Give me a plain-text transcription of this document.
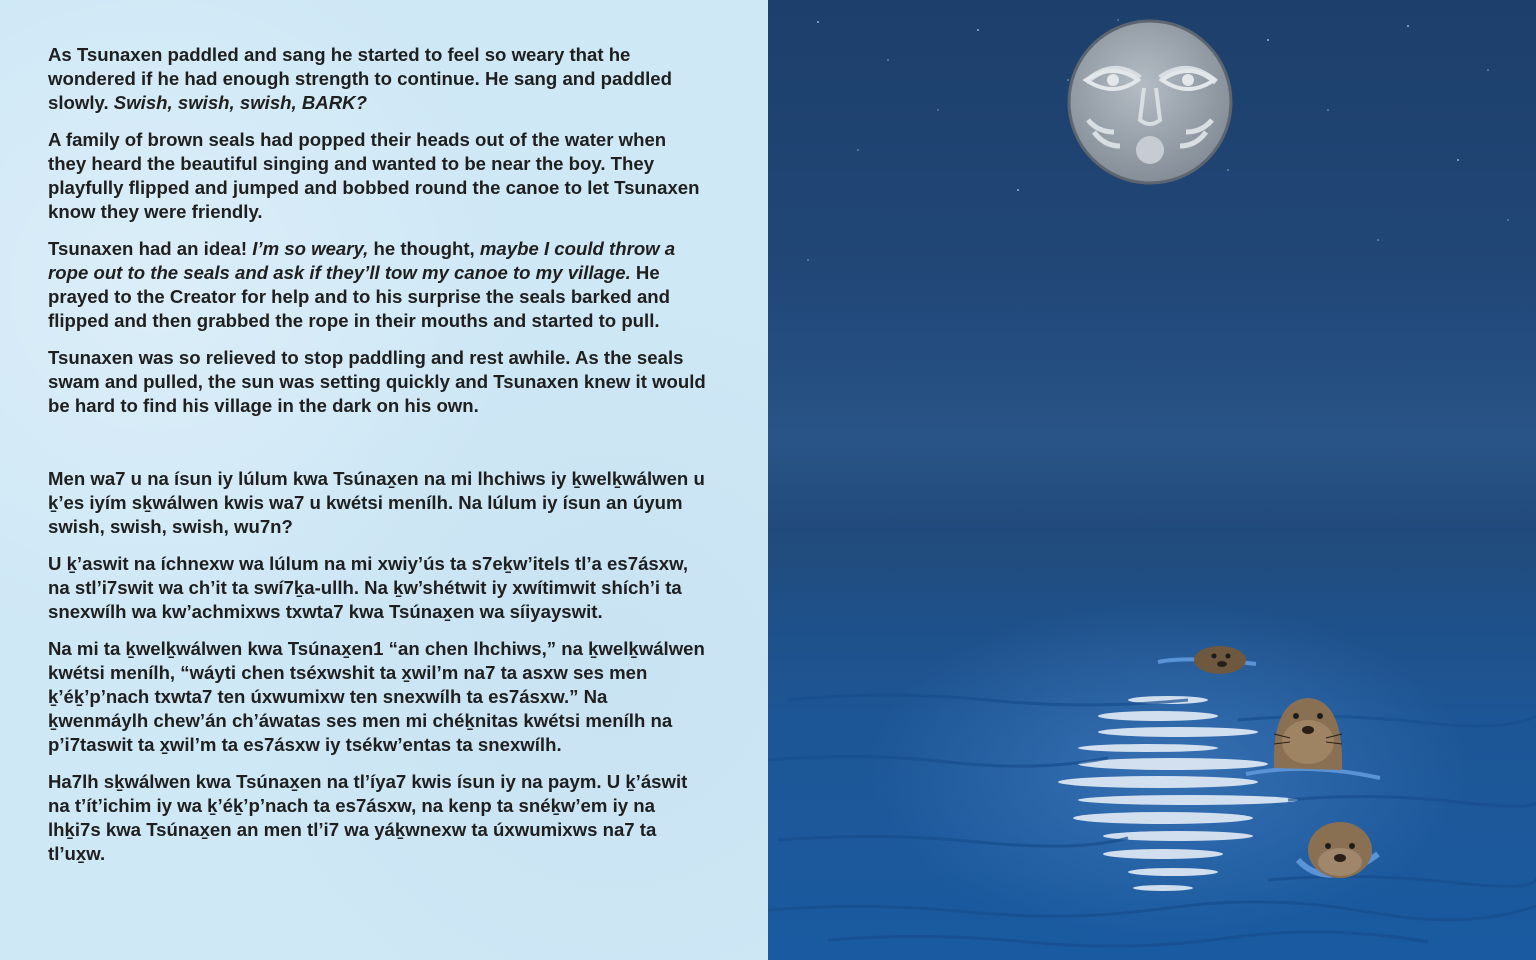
As Tsunaxen paddled and sang he started to feel so weary that he wondered if he had enough strength to continue. He sang and paddled slowly. Swish, swish, swish, BARK?

A family of brown seals had popped their heads out of the water when they heard the beautiful singing and wanted to be near the boy. They playfully flipped and jumped and bobbed round the canoe to let Tsunaxen know they were friendly.

Tsunaxen had an idea! I’m so weary, he thought, maybe I could throw a rope out to the seals and ask if they’ll tow my canoe to my village. He prayed to the Creator for help and to his surprise the seals barked and flipped and then grabbed the rope in their mouths and started to pull.

Tsunaxen was so relieved to stop paddling and rest awhile. As the seals swam and pulled, the sun was setting quickly and Tsunaxen knew it would be hard to find his village in the dark on his own.

Men wa7 u na ísun iy lúlum kwa Tsúnax̱en na mi lhchiws iy ḵwelḵwálwen u ḵ’es iyím sḵwálwen kwis wa7 u kwétsi menílh. Na lúlum iy ísun an úyum swish, swish, swish, wu7n?

U ḵ’aswit na íchnexw wa lúlum na mi xwiy’ús ta s7eḵw’itels tl’a es7ásxw, na stl’i7swit wa ch’it ta swí7ḵa-ullh. Na ḵw’shétwit iy xwítimwit shích’i ta snexwílh wa kw’achmixws txwta7 kwa Tsúnax̱en wa síiyayswit.

Na mi ta ḵwelḵwálwen kwa Tsúnax̱en1 “an chen lhchiws,” na ḵwelḵwálwen kwétsi menílh, “wáyti chen tséxwshit ta x̱wil’m na7 ta asxw ses men ḵ’éḵ’p’nach txwta7 ten úxwumixw ten snexwílh ta es7ásxw.” Na ḵwenmáylh chew’án ch’áwatas ses men mi chéḵnitas kwétsi menílh na p’i7taswit ta x̱wil’m ta es7ásxw iy tsékw’entas ta snexwílh.

Ha7lh sḵwálwen kwa Tsúnax̱en na tl’íya7 kwis ísun iy na paym. U ḵ’áswit na t’ít’ichim iy wa ḵ’éḵ’p’nach ta es7ásxw, na kenp ta snéḵw’em iy na lhḵi7s kwa Tsúnax̱en an men tl’i7 wa yáḵwnexw ta úxwumixws na7 ta tl’ux̱w.
